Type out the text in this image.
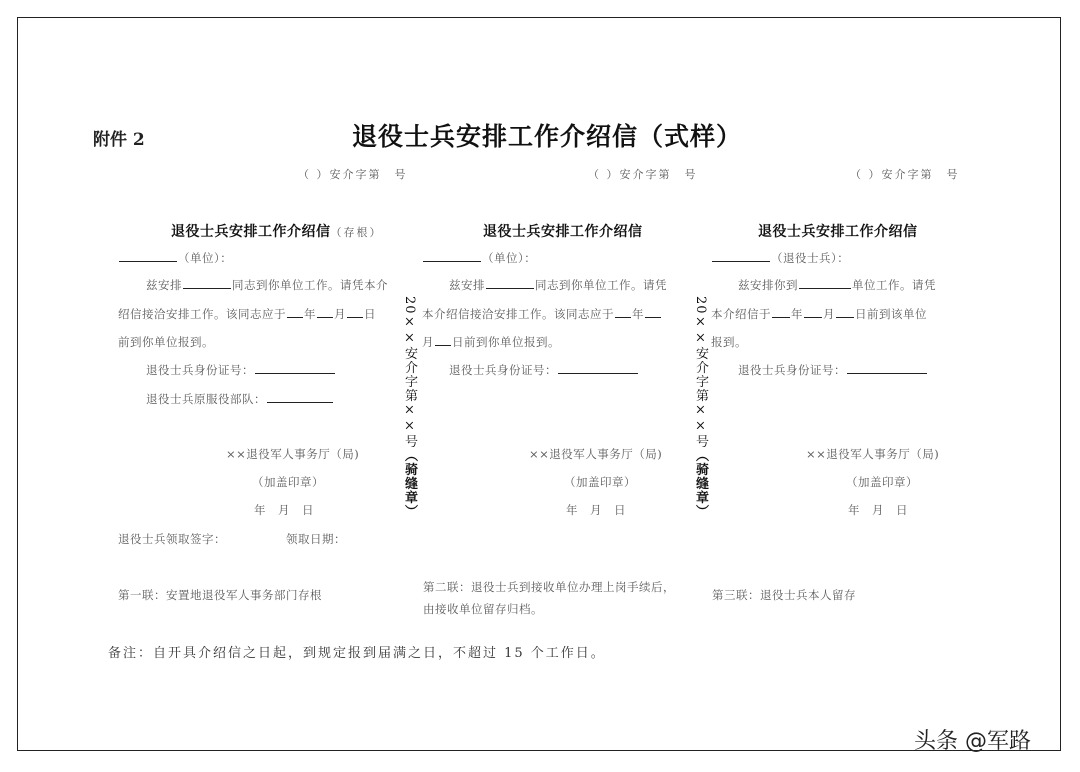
附件 2	退役士兵安排工作介绍信（式样）
（ ）安介字第　号	（ ）安介字第　号	（ ）安介字第　号
20××安介字第××号（骑缝章）
20××安介字第××号（骑缝章）
退役士兵安排工作介绍信（存根）
（单位）：
兹安排	同志到你单位工作。请凭本介
绍信接洽安排工作。该同志应于 年 月 日
前到你单位报到。
退役士兵身份证号：
退役士兵原服役部队：
××退役军人事务厅（局)
（加盖印章）
年　月　日
退役士兵领取签字：	领取日期：
第一联：安置地退役军人事务部门存根
退役士兵安排工作介绍信
（单位）：
兹安排	同志到你单位工作。请凭
本介绍信接洽安排工作。该同志应于 年
月 日前到你单位报到。
退役士兵身份证号：
××退役军人事务厅（局)
（加盖印章）
年　月　日
第二联：退役士兵到接收单位办理上岗手续后，
由接收单位留存归档。
退役士兵安排工作介绍信
（退役士兵）：
兹安排你到	单位工作。请凭
本介绍信于 年 月 日前到该单位
报到。
退役士兵身份证号：
××退役军人事务厅（局)
（加盖印章）
年　月　日
第三联：退役士兵本人留存
备注：自开具介绍信之日起，到规定报到届满之日，不超过 15 个工作日。
头条 @军路
